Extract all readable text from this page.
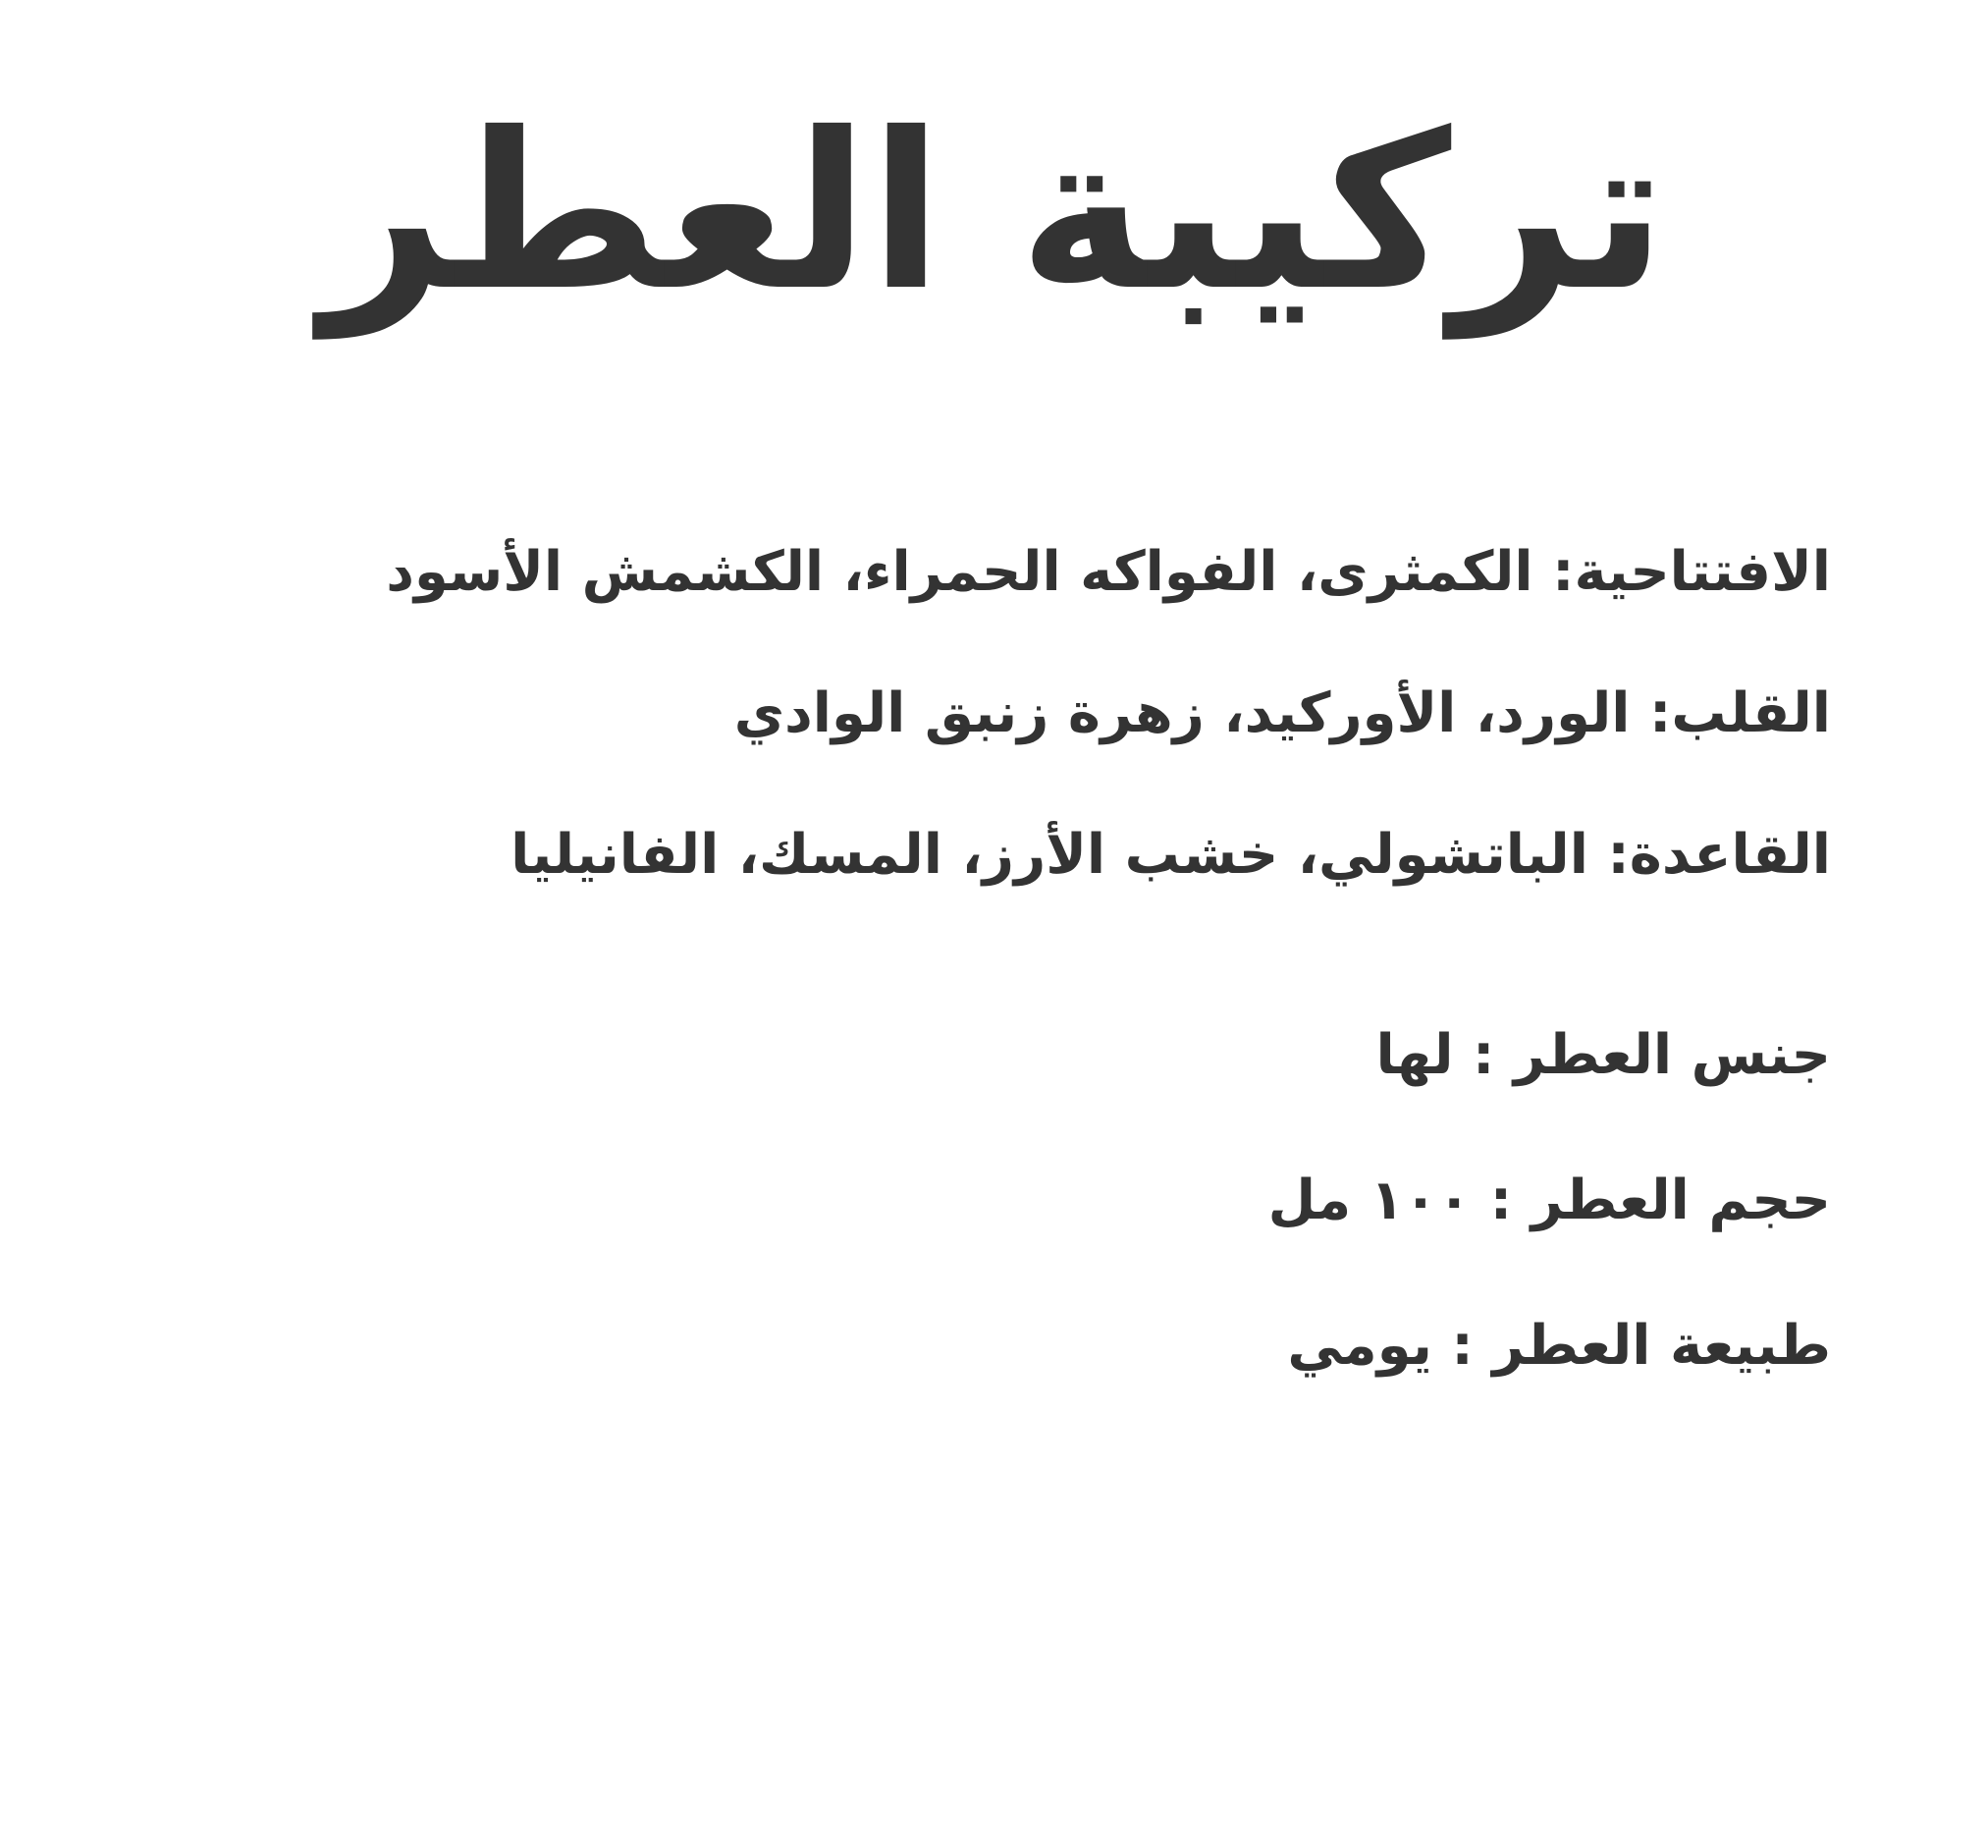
تركيبة العطر

الافتتاحية: الكمثرى، الفواكه الحمراء، الكشمش الأسود

القلب: الورد، الأوركيد، زهرة زنبق الوادي

القاعدة: الباتشولي، خشب الأرز، المسك، الفانيليا

جنس العطر : لها

حجم العطر : ١٠٠ مل

طبيعة العطر : يومي
